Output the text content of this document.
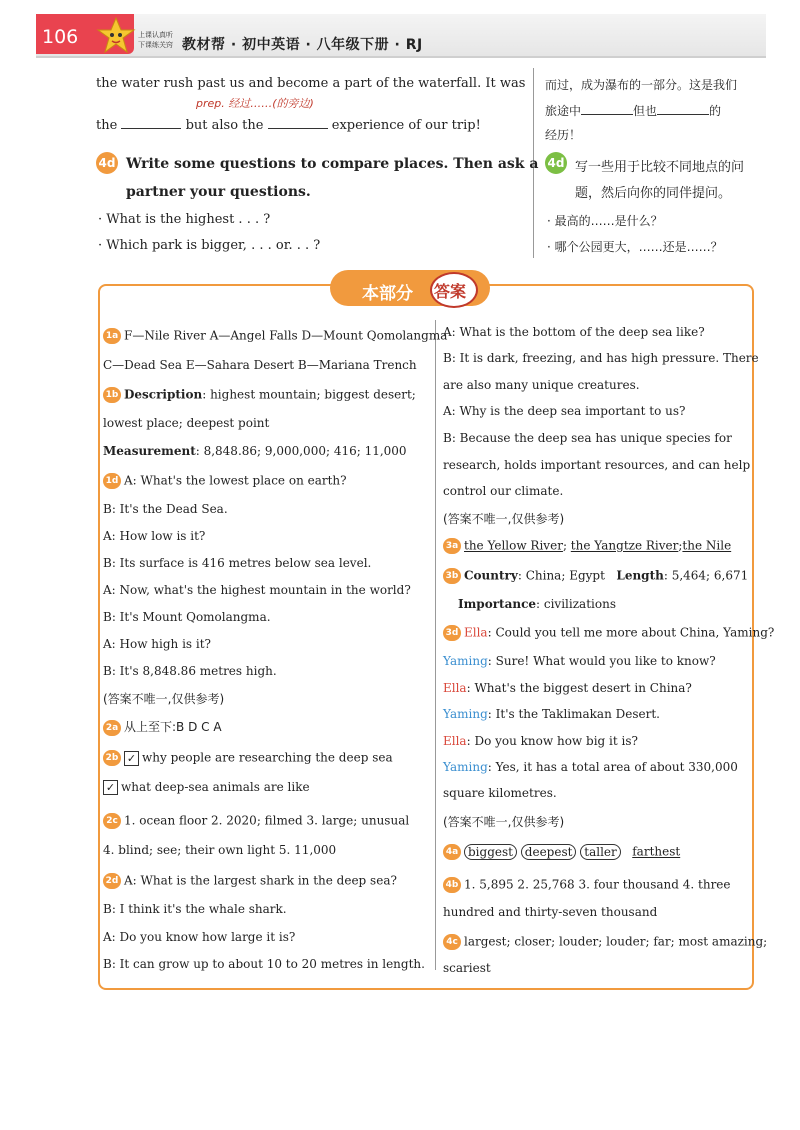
106	上课认真听
下课练关窍 教材帮 · 初中英语 · 八年级下册 · RJ
the water rush past us and become a part of the waterfall. It was
prep. 经过……(的旁边)
the	but also the	experience of our trip!
而过，成为瀑布的一部分。这是我们
旅途中	但也	的
经历！
4d Write some questions to compare places. Then ask a
partner your questions.
· What is the highest . . . ?
· Which park is bigger, . . . or. . . ?
4d 写一些用于比较不同地点的问
题，然后向你的同伴提问。
· 最高的……是什么？
· 哪个公园更大，……还是……？
本部分 答案
1a F—Nile River A—Angel Falls D—Mount Qomolangma
C—Dead Sea E—Sahara Desert B—Mariana Trench
1b Description: highest mountain; biggest desert;
lowest place; deepest point
Measurement: 8,848.86; 9,000,000; 416; 11,000
1d A: What's the lowest place on earth?
B: It's the Dead Sea.
A: How low is it?
B: Its surface is 416 metres below sea level.
A: Now, what's the highest mountain in the world?
B: It's Mount Qomolangma.
A: How high is it?
B: It's 8,848.86 metres high.
(答案不唯一,仅供参考)
2a 从上至下:B D C A
2b ✓ why people are researching the deep sea
✓ what deep-sea animals are like
2c 1. ocean floor 2. 2020; filmed 3. large; unusual
4. blind; see; their own light 5. 11,000
2d A: What is the largest shark in the deep sea?
B: I think it's the whale shark.
A: Do you know how large it is?
B: It can grow up to about 10 to 20 metres in length.
A: What is the bottom of the deep sea like?
B: It is dark, freezing, and has high pressure. There
are also many unique creatures.
A: Why is the deep sea important to us?
B: Because the deep sea has unique species for
research, holds important resources, and can help
control our climate.
(答案不唯一,仅供参考)
3a the Yellow River; the Yangtze River;the Nile
3b Country: China; Egypt Length: 5,464; 6,671
Importance: civilizations
3d Ella: Could you tell me more about China, Yaming?
Yaming: Sure! What would you like to know?
Ella: What's the biggest desert in China?
Yaming: It's the Taklimakan Desert.
Ella: Do you know how big it is?
Yaming: Yes, it has a total area of about 330,000
square kilometres.
(答案不唯一,仅供参考)
4a biggest deepest taller farthest
4b 1. 5,895 2. 25,768 3. four thousand 4. three
hundred and thirty-seven thousand
4c largest; closer; louder; louder; far; most amazing;
scariest
